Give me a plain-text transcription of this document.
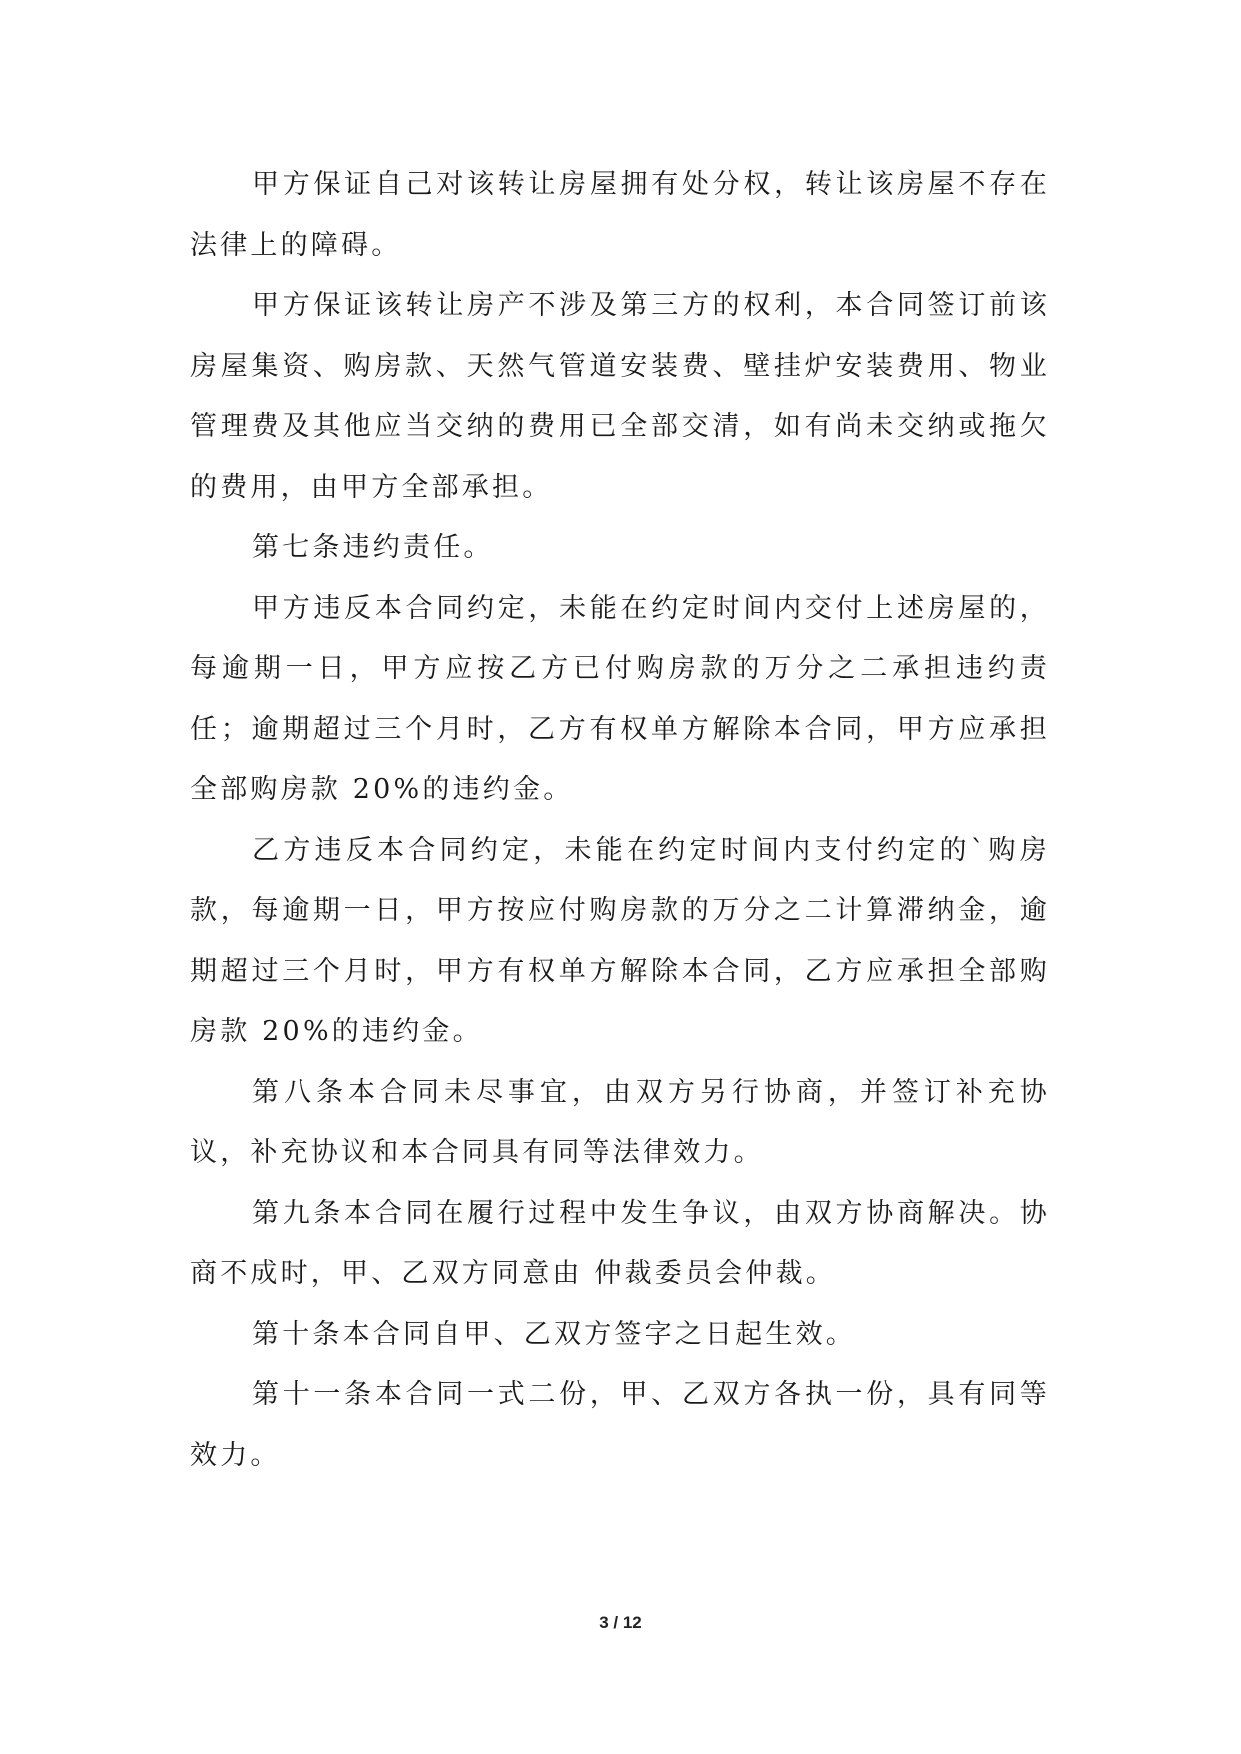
甲方保证自己对该转让房屋拥有处分权，转让该房屋不存在法律上的障碍。

甲方保证该转让房产不涉及第三方的权利，本合同签订前该房屋集资、购房款、天然气管道安装费、壁挂炉安装费用、物业管理费及其他应当交纳的费用已全部交清，如有尚未交纳或拖欠的费用，由甲方全部承担。

第七条违约责任。

甲方违反本合同约定，未能在约定时间内交付上述房屋的，每逾期一日，甲方应按乙方已付购房款的万分之二承担违约责任；逾期超过三个月时，乙方有权单方解除本合同，甲方应承担全部购房款 20%的违约金。

乙方违反本合同约定，未能在约定时间内支付约定的`购房款，每逾期一日，甲方按应付购房款的万分之二计算滞纳金，逾期超过三个月时，甲方有权单方解除本合同，乙方应承担全部购房款 20%的违约金。

第八条本合同未尽事宜，由双方另行协商，并签订补充协议，补充协议和本合同具有同等法律效力。

第九条本合同在履行过程中发生争议，由双方协商解决。协商不成时，甲、乙双方同意由 仲裁委员会仲裁。

第十条本合同自甲、乙双方签字之日起生效。

第十一条本合同一式二份，甲、乙双方各执一份，具有同等效力。

3 / 12
